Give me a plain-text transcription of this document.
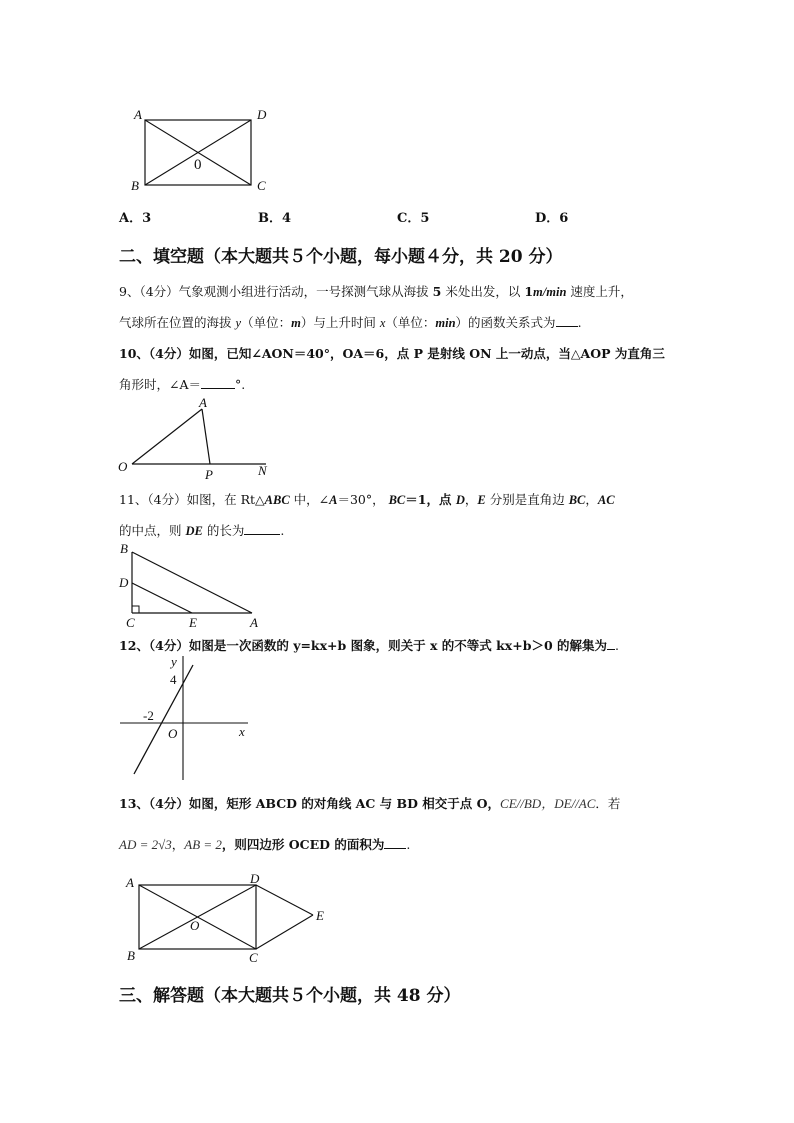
A	D
B	C
0
A．3	B．4	C．5	D．6
二、填空题（本大题共５个小题，每小题４分，共 20 分）
9、（4分）气象观测小组进行活动，一号探测气球从海拔 5 米处出发，以 1m/min 速度上升，
气球所在位置的海拔 y（单位：m）与上升时间 x（单位：min）的函数关系式为 .
10、（4分）如图，已知∠AON＝40°，OA＝6，点 P 是射线 ON 上一动点，当△AOP 为直角三
角形时，∠A＝	°.
A
O
P	N
11、（4分）如图，在 Rt△ABC 中，∠A＝30°， BC＝1，点 D，E 分别是直角边 BC，AC
的中点，则 DE 的长为	.
B
D
C	E	A
12、（4分）如图是一次函数的 y=kx+b 图象，则关于 x 的不等式 kx+b＞0 的解集为 .
y
x
O
4
-2
13、（4分）如图，矩形 ABCD 的对角线 AC 与 BD 相交于点 O，CE//BD，DE//AC．若
AD = 2√3，AB = 2，则四边形 OCED 的面积为 .
A	D
B	C
O
E
三、解答题（本大题共５个小题，共 48 分）
